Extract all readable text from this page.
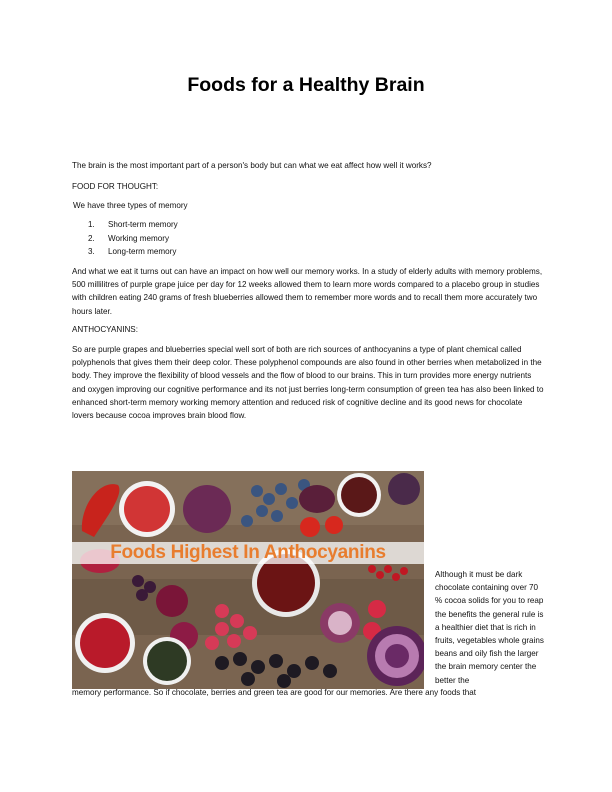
Foods for a Healthy Brain

The brain is the most important part of a person's body but can what we eat affect how well it works?

FOOD FOR THOUGHT:

We have three types of memory

1.	Short-term memory
2.	Working memory
3.	Long-term memory

And what we eat it turns out can have an impact on how well our memory works. In a study of elderly adults with memory problems, 500 millilitres of purple grape juice per day for 12 weeks allowed them to learn more words compared to a placebo group in studies with children eating 240 grams of fresh blueberries allowed them to remember more words and to recall them more accurately two hours later.

ANTHOCYANINS:

So are purple grapes and blueberries special well sort of both are rich sources of anthocyanins a type of plant chemical called polyphenols that gives them their deep color. These polyphenol compounds are also found in other berries when metabolized in the body. They improve the flexibility of blood vessels and the flow of blood to our brains. This in turn provides more energy nutrients and oxygen improving our cognitive performance and its not just berries long-term consumption of green tea has also been linked to enhanced short-term memory working memory attention and reduced risk of cognitive decline and its good news for chocolate lovers because cocoa improves brain blood flow.

Foods Highest In Anthocyanins

Although it must be dark chocolate containing over 70 % cocoa solids for you to reap the benefits the general rule is a healthier diet that is rich in fruits, vegetables whole grains beans and oily fish the larger the brain memory center the better the

memory performance. So if chocolate, berries and green tea are good for our memories. Are there any foods that
